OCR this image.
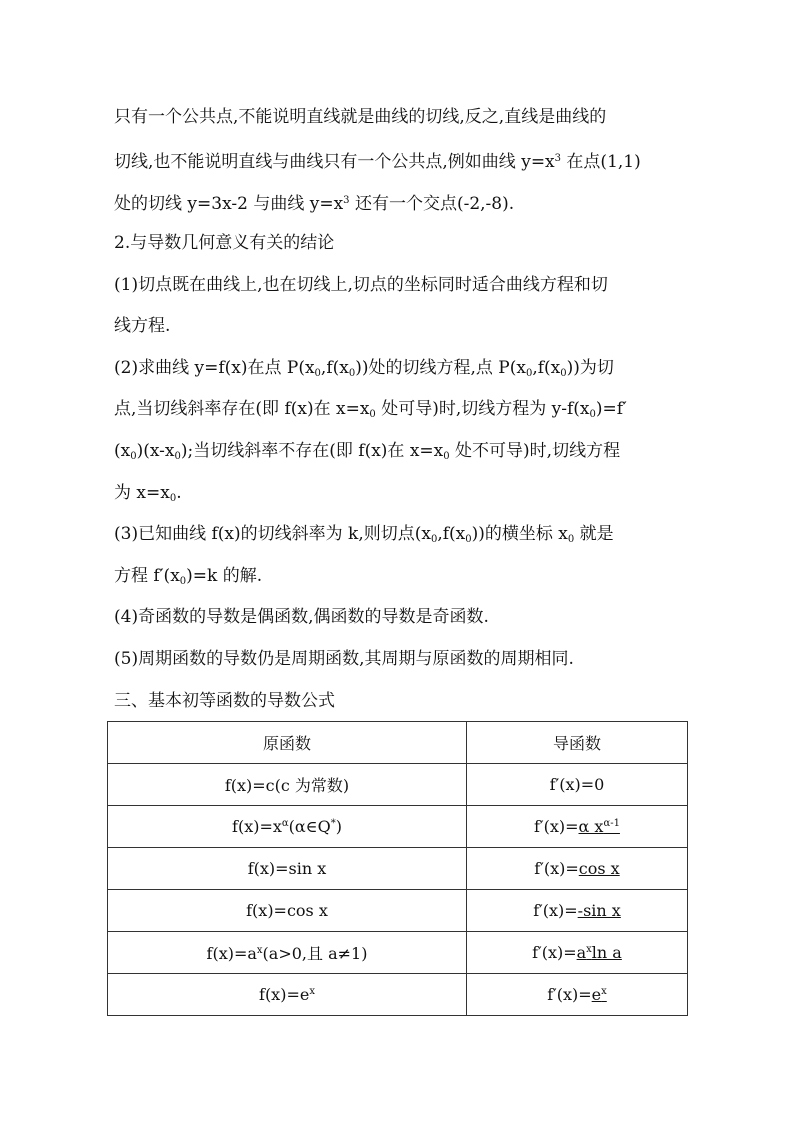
只有一个公共点,不能说明直线就是曲线的切线,反之,直线是曲线的
切线,也不能说明直线与曲线只有一个公共点,例如曲线 $y=x^3$ 在点(1,1)
处的切线 y=3x-2 与曲线 $y=x^3$ 还有一个交点(-2,-8).
2.与导数几何意义有关的结论
(1)切点既在曲线上,也在切线上,切点的坐标同时适合曲线方程和切
线方程.
(2)求曲线 y=f(x)在点 $P(x_0,f(x_0))$处的切线方程,点 $P(x_0,f(x_0))$为切
点,当切线斜率存在(即 f(x)在 $x=x_0$ 处可导)时,切线方程为 $y-f(x_0)=f'$
$(x_0)(x-x_0)$;当切线斜率不存在(即 f(x)在 $x=x_0$ 处不可导)时,切线方程
为 $x=x_0$.
(3)已知曲线 f(x)的切线斜率为 k,则切点$(x_0,f(x_0))$的横坐标 $x_0$ 就是
方程 $f'(x_0)=k$ 的解.
(4)奇函数的导数是偶函数,偶函数的导数是奇函数.
(5)周期函数的导数仍是周期函数,其周期与原函数的周期相同.
三、基本初等函数的导数公式
原函数	导函数
f(x)=c(c 为常数)	f′(x)=0
$f(x)=x^\alpha(\alpha\in Q^*)$	f′(x)=α $x^{\alpha-1}$
f(x)=sin x	f′(x)=cos x
f(x)=cos x	f′(x)=-sin x
$f(x)=a^x(a>0$,且 a≠1)	$f'(x)=a^x\ln$ a
$f(x)=e^x$	$f'(x)=e^x$
